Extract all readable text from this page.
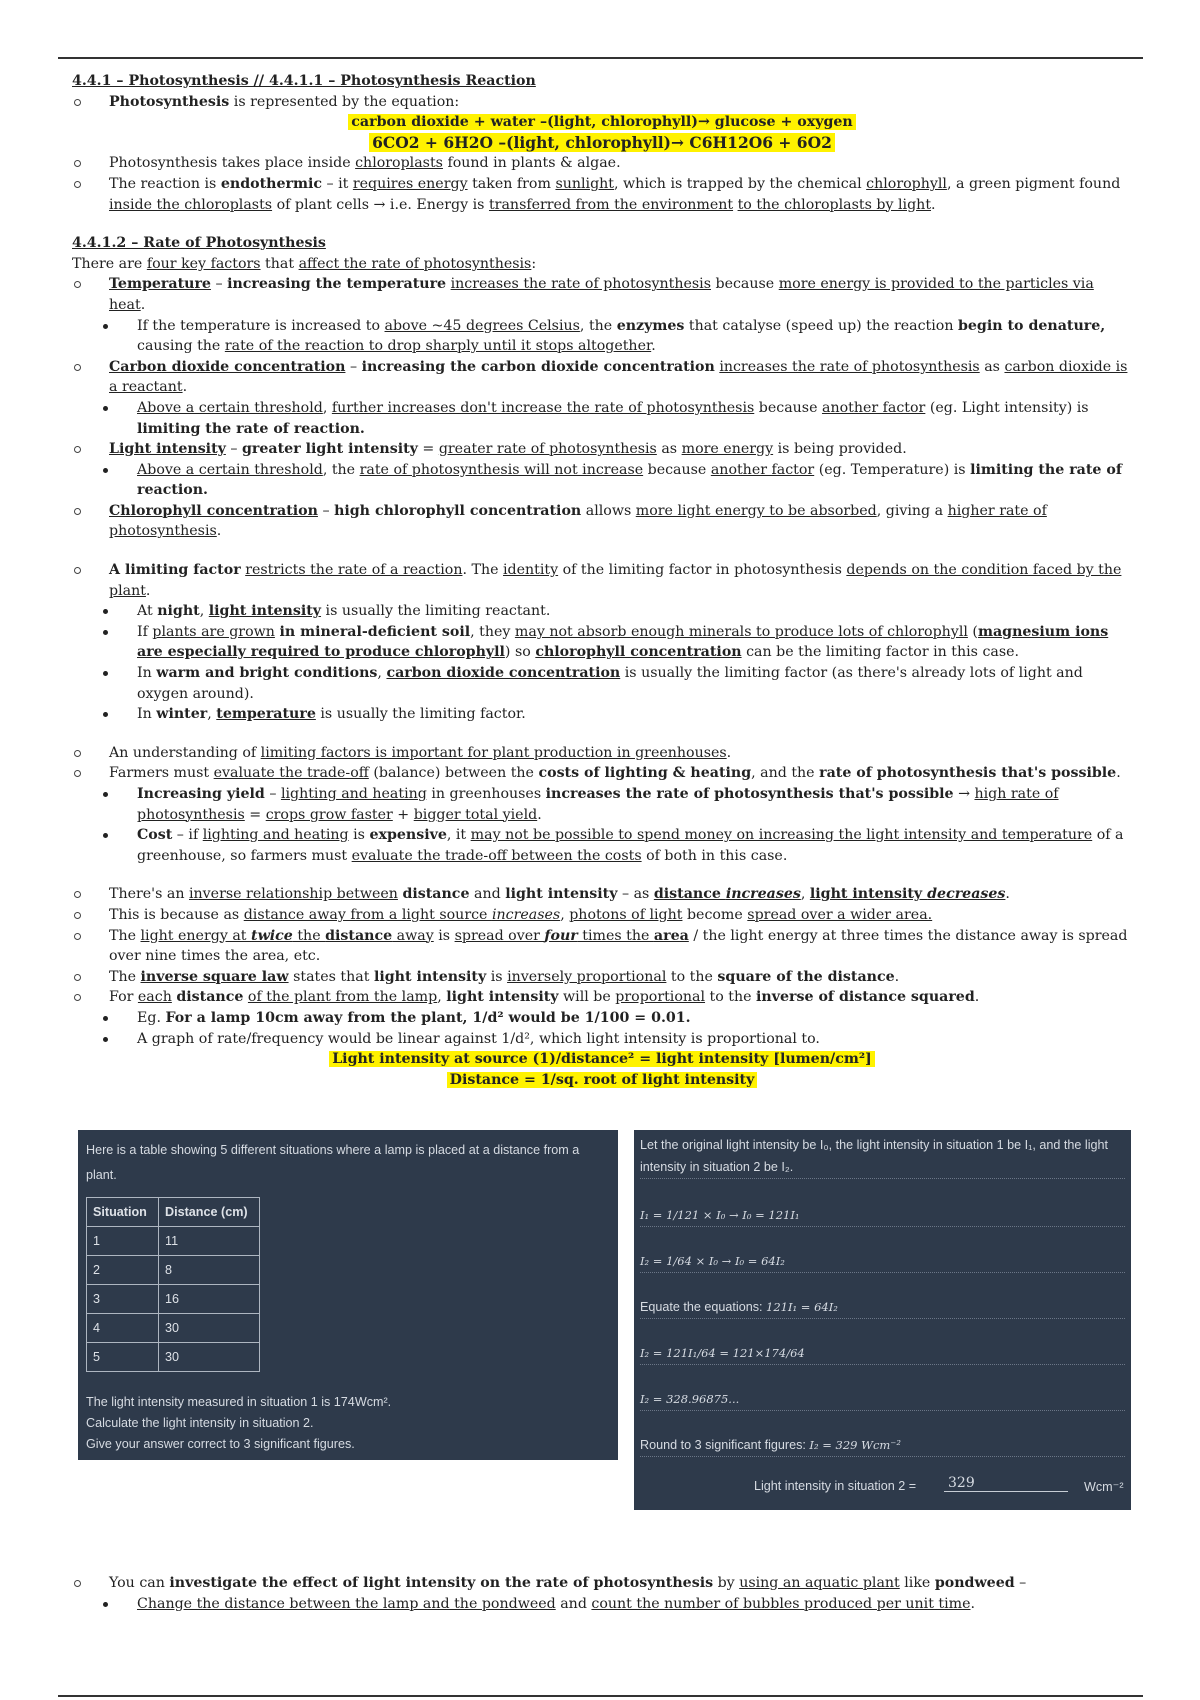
4.4.1 – Photosynthesis // 4.4.1.1 – Photosynthesis Reaction

Photosynthesis is represented by the equation:
carbon dioxide + water –(light, chlorophyll)→ glucose + oxygen
6CO2 + 6H2O –(light, chlorophyll)→ C6H12O6 + 6O2
Photosynthesis takes place inside chloroplasts found in plants & algae.
The reaction is endothermic – it requires energy taken from sunlight, which is trapped by the chemical chlorophyll, a green pigment found inside the chloroplasts of plant cells → i.e. Energy is transferred from the environment to the chloroplasts by light.

4.4.1.2 – Rate of Photosynthesis

There are four key factors that affect the rate of photosynthesis:

Temperature – increasing the temperature increases the rate of photosynthesis because more energy is provided to the particles via heat.
If the temperature is increased to above ~45 degrees Celsius, the enzymes that catalyse (speed up) the reaction begin to denature, causing the rate of the reaction to drop sharply until it stops altogether.
Carbon dioxide concentration – increasing the carbon dioxide concentration increases the rate of photosynthesis as carbon dioxide is a reactant.
Above a certain threshold, further increases don't increase the rate of photosynthesis because another factor (eg. Light intensity) is limiting the rate of reaction.
Light intensity – greater light intensity = greater rate of photosynthesis as more energy is being provided.
Above a certain threshold, the rate of photosynthesis will not increase because another factor (eg. Temperature) is limiting the rate of reaction.
Chlorophyll concentration – high chlorophyll concentration allows more light energy to be absorbed, giving a higher rate of photosynthesis.
A limiting factor restricts the rate of a reaction. The identity of the limiting factor in photosynthesis depends on the condition faced by the plant.
At night, light intensity is usually the limiting reactant.
If plants are grown in mineral-deficient soil, they may not absorb enough minerals to produce lots of chlorophyll (magnesium ions are especially required to produce chlorophyll) so chlorophyll concentration can be the limiting factor in this case.
In warm and bright conditions, carbon dioxide concentration is usually the limiting factor (as there's already lots of light and oxygen around).
In winter, temperature is usually the limiting factor.
An understanding of limiting factors is important for plant production in greenhouses.
Farmers must evaluate the trade-off (balance) between the costs of lighting & heating, and the rate of photosynthesis that's possible.
Increasing yield – lighting and heating in greenhouses increases the rate of photosynthesis that's possible → high rate of photosynthesis = crops grow faster + bigger total yield.
Cost – if lighting and heating is expensive, it may not be possible to spend money on increasing the light intensity and temperature of a greenhouse, so farmers must evaluate the trade-off between the costs of both in this case.
There's an inverse relationship between distance and light intensity – as distance increases, light intensity decreases.
This is because as distance away from a light source increases, photons of light become spread over a wider area.
The light energy at twice the distance away is spread over four times the area / the light energy at three times the distance away is spread over nine times the area, etc.
The inverse square law states that light intensity is inversely proportional to the square of the distance.
For each distance of the plant from the lamp, light intensity will be proportional to the inverse of distance squared.
Eg. For a lamp 10cm away from the plant, 1/d² would be 1/100 = 0.01.
A graph of rate/frequency would be linear against 1/d², which light intensity is proportional to.
Light intensity at source (1)/distance² = light intensity [lumen/cm²]
Distance = 1/sq. root of light intensity
Here is a table showing 5 different situations where a lamp is placed at a distance from a plant.
Situation	Distance (cm)
1	11
2	8
3	16
4	30
5	30
The light intensity measured in situation 1 is 174Wcm².
Calculate the light intensity in situation 2.
Give your answer correct to 3 significant figures.
Let the original light intensity be I₀, the light intensity in situation 1 be I₁, and the light intensity in situation 2 be I₂.
I₁ = 1/121 × I₀ → I₀ = 121I₁
I₂ = 1/64 × I₀ → I₀ = 64I₂
Equate the equations: 121I₁ = 64I₂
I₂ = 121I₁/64 = 121×174/64
I₂ = 328.96875...
Round to 3 significant figures: I₂ = 329 Wcm⁻²
Light intensity in situation 2 = 329	Wcm⁻²
You can investigate the effect of light intensity on the rate of photosynthesis by using an aquatic plant like pondweed –
Change the distance between the lamp and the pondweed and count the number of bubbles produced per unit time.
